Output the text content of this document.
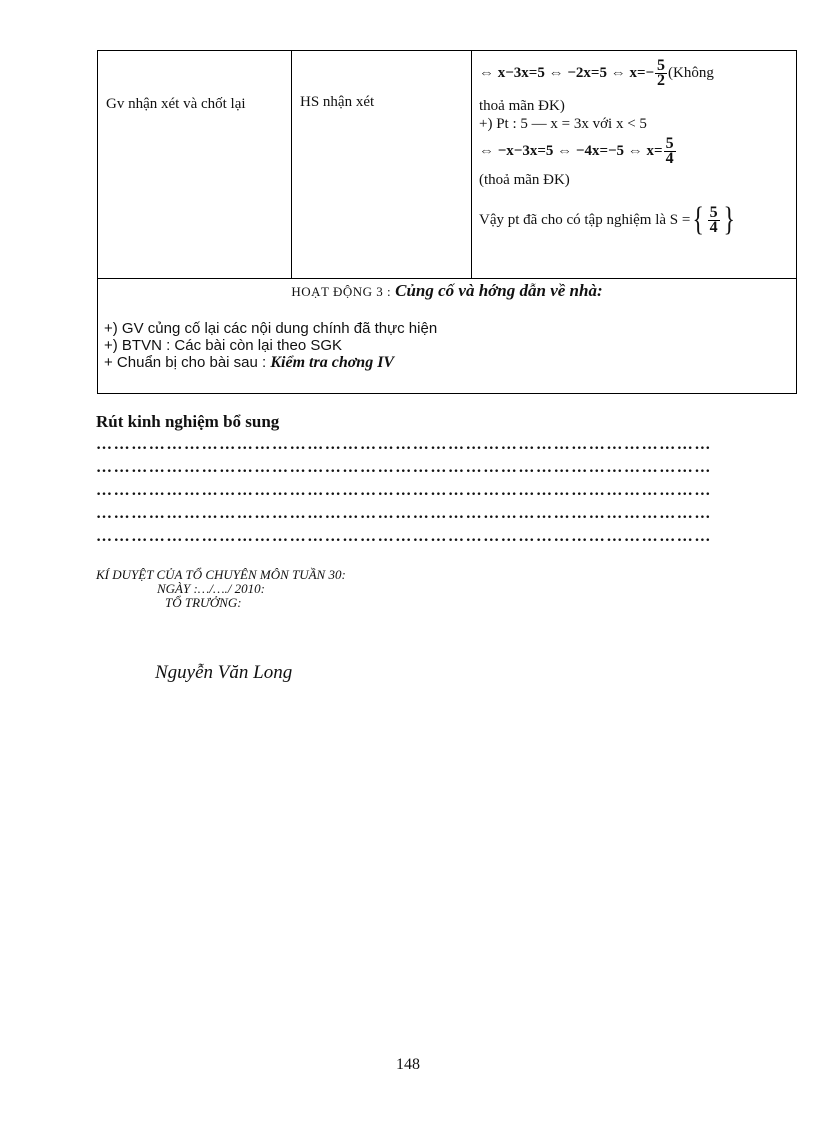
Gv nhận xét và chốt lại	HS nhận xét
⇔ x−3x=5 ⇔ −2x=5 ⇔ $x=- \frac{5}{2}$ (Không
thoả mãn ĐK)
+) Pt : 5 — x = 3x với x < 5
⇔ −x−3x=5 ⇔ −4x=−5 ⇔ $x= \frac{5}{4}$
(thoả mãn ĐK)
Vậy pt đã cho có tập nghiệm là S = { $\frac{5}{4}$ }
HOẠT ĐỘNG 3 : Củng cố và hớng dẫn về nhà:
+) GV củng cố lại các nội dung chính đã thực hiện
+) BTVN : Các bài còn lại theo SGK
+ Chuẩn bị cho bài sau : Kiểm tra chơng IV
Rút kinh nghiệm bổ sung
……………………………………………………………………………………………
……………………………………………………………………………………………
……………………………………………………………………………………………
……………………………………………………………………………………………
……………………………………………………………………………………………
KÍ DUYỆT CỦA TỔ CHUYÊN MÔN TUẦN 30:
NGÀY :…/…./ 2010:
TỔ TRƯỞNG:
Nguyễn Văn Long
148
